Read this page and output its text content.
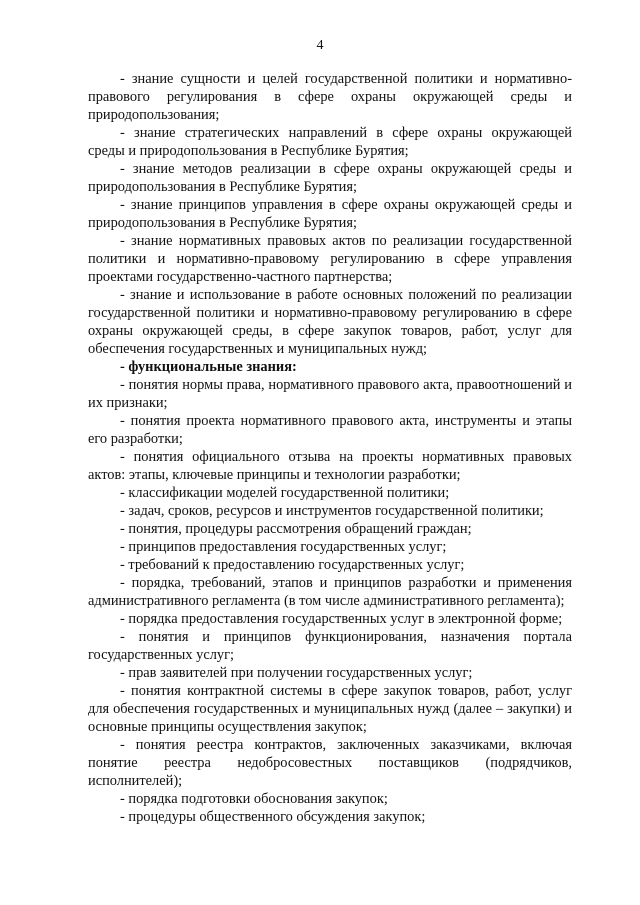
4

- знание сущности и целей государственной политики и нормативно-правового регулирования в сфере охраны окружающей среды и природопользования;

- знание стратегических направлений в сфере охраны окружающей среды и природопользования в Республике Бурятия;

- знание методов реализации в сфере охраны окружающей среды и природопользования в Республике Бурятия;

- знание принципов управления в сфере охраны окружающей среды и природопользования в Республике Бурятия;

- знание нормативных правовых актов по реализации государственной политики и нормативно-правовому регулированию в сфере управления проектами государственно-частного партнерства;

- знание и использование в работе основных положений по реализации государственной политики и нормативно-правовому регулированию в сфере охраны окружающей среды, в сфере закупок товаров, работ, услуг для обеспечения государственных и муниципальных нужд;

- функциональные знания:

- понятия нормы права, нормативного правового акта, правоотношений и их признаки;

- понятия проекта нормативного правового акта, инструменты и этапы его разработки;

- понятия официального отзыва на проекты нормативных правовых актов: этапы, ключевые принципы и технологии разработки;

- классификации моделей государственной политики;

- задач, сроков, ресурсов и инструментов государственной политики;

- понятия, процедуры рассмотрения обращений граждан;

- принципов предоставления государственных услуг;

- требований к предоставлению государственных услуг;

- порядка, требований, этапов и принципов разработки и применения административного регламента (в том числе административного регламента);

- порядка предоставления государственных услуг в электронной форме;

- понятия и принципов функционирования, назначения портала государственных услуг;

- прав заявителей при получении государственных услуг;

- понятия контрактной системы в сфере закупок товаров, работ, услуг для обеспечения государственных и муниципальных нужд (далее – закупки) и основные принципы осуществления закупок;

- понятия реестра контрактов, заключенных заказчиками, включая понятие реестра недобросовестных поставщиков (подрядчиков, исполнителей);

- порядка подготовки обоснования закупок;

- процедуры общественного обсуждения закупок;
